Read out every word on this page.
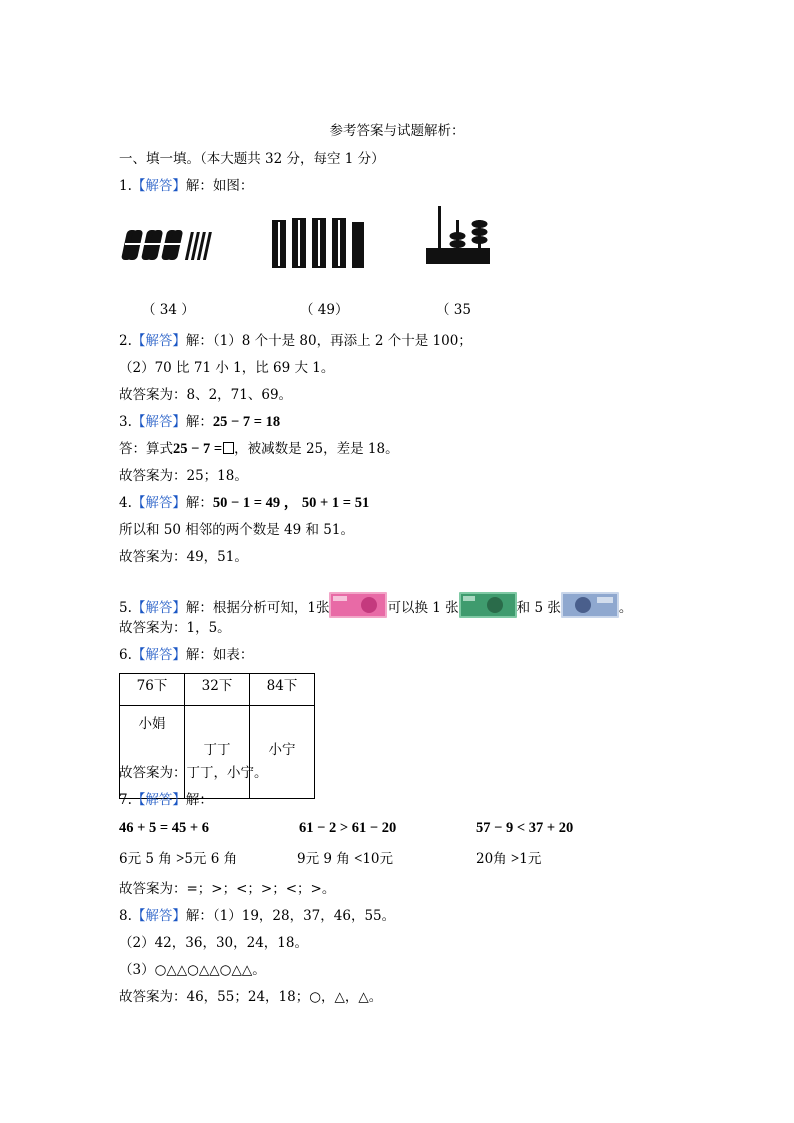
参考答案与试题解析：
一、填一填。（本大题共 32 分，每空 1 分）
1.【解答】解：如图：
（ 34 ）	（ 49）	（ 35
2.【解答】解：（1）8 个十是 80，再添上 2 个十是 100；
（2）70 比 71 小 1，比 69 大 1。
故答案为：8、2，71、69。
3.【解答】解：25 − 7 = 18
答：算式25 − 7 = ，被减数是 25，差是 18。
故答案为：25；18。
4.【解答】解：50 − 1 = 49 ， 50 + 1 = 51
所以和 50 相邻的两个数是 49 和 51。
故答案为：49，51。
5.【解答】解：根据分析可知，1张	可以换 1 张	和 5 张	。
故答案为：1，5。
6.【解答】解：如表：
76下	32下	84下
小娟	丁丁	小宁
故答案为：丁丁，小宁。
7.【解答】解：
46 + 5 = 45 + 6	61 − 2 > 61 − 20	57 − 9 < 37 + 20
6元 5 角 >5元 6 角	9元 9 角 <10元	20角 >1元
故答案为：=；>；<；>；<；>。
8.【解答】解：（1）19，28，37，46，55。
（2）42，36，30，24，18。
（3）○△△○△△○△△。
故答案为：46，55；24，18；○，△，△。
